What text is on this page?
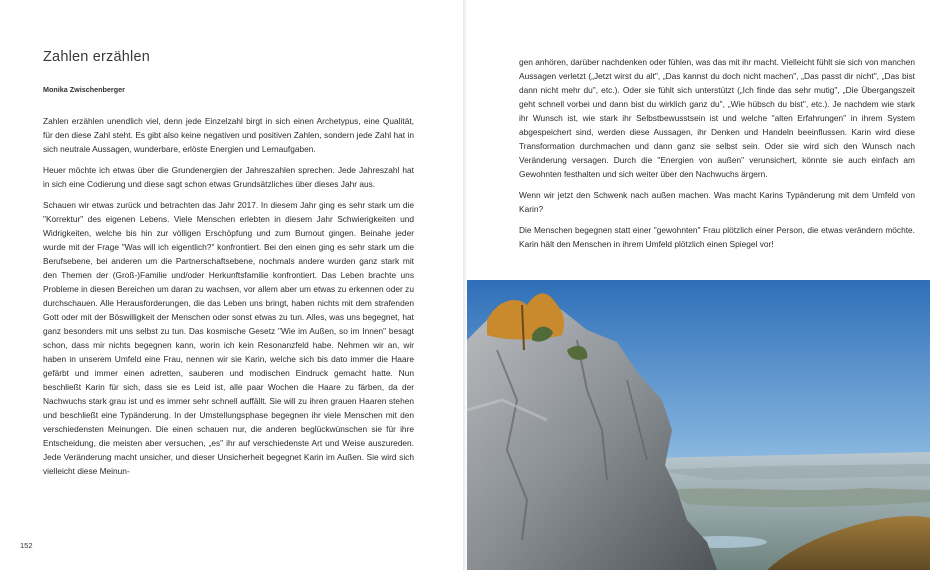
Zahlen erzählen
Monika Zwischenberger

Zahlen erzählen unendlich viel, denn jede Einzelzahl birgt in sich einen Archetypus, eine Qualität, für den diese Zahl steht. Es gibt also keine negativen und positiven Zahlen, sondern jede Zahl hat in sich neutrale Aussagen, wunderbare, erlöste Energien und Lernaufgaben.

Heuer möchte ich etwas über die Grundenergien der Jahreszahlen sprechen. Jede Jahreszahl hat in sich eine Codierung und diese sagt schon etwas Grundsätzliches über dieses Jahr aus.

Schauen wir etwas zurück und betrachten das Jahr 2017. In diesem Jahr ging es sehr stark um die "Korrektur" des eigenen Lebens. Viele Menschen erlebten in diesem Jahr Schwierigkeiten und Widrigkeiten, welche bis hin zur völligen Erschöpfung und zum Burnout gingen. Beinahe jeder wurde mit der Frage "Was will ich eigentlich?" konfrontiert. Bei den einen ging es sehr stark um die Berufsebene, bei anderen um die Partnerschaftsebene, nochmals andere wurden ganz stark mit den Themen der (Groß-)Familie und/oder Herkunftsfamilie konfrontiert. Das Leben brachte uns Probleme in diesen Bereichen um daran zu wachsen, vor allem aber um etwas zu erkennen oder zu durchschauen. Alle Herausforderungen, die das Leben uns bringt, haben nichts mit dem strafenden Gott oder mit der Böswilligkeit der Menschen oder sonst etwas zu tun. Alles, was uns begegnet, hat ganz besonders mit uns selbst zu tun. Das kosmische Gesetz "Wie im Außen, so im Innen" besagt schon, dass mir nichts begegnen kann, worin ich kein Resonanzfeld habe. Nehmen wir an, wir haben in unserem Umfeld eine Frau, nennen wir sie Karin, welche sich bis dato immer die Haare gefärbt und immer einen adretten, sauberen und modischen Eindruck gemacht hatte. Nun beschließt Karin für sich, dass sie es Leid ist, alle paar Wochen die Haare zu färben, da der Nachwuchs stark grau ist und es immer sehr schnell auffällt. Sie will zu ihren grauen Haaren stehen und beschließt eine Typänderung. In der Umstellungsphase begegnen ihr viele Menschen mit den verschiedensten Meinungen. Die einen schauen nur, die anderen beglückwünschen sie für ihre Entscheidung, die meisten aber versuchen, „es" ihr auf verschiedenste Art und Weise auszureden. Jede Veränderung macht unsicher, und dieser Unsicherheit begegnet Karin im Außen. Sie wird sich vielleicht diese Meinun-

152

gen anhören, darüber nachdenken oder fühlen, was das mit ihr macht. Vielleicht fühlt sie sich von manchen Aussagen verletzt („Jetzt wirst du alt", „Das kannst du doch nicht machen", „Das passt dir nicht", „Das bist dann nicht mehr du", etc.). Oder sie fühlt sich unterstützt („Ich finde das sehr mutig", „Die Übergangszeit geht schnell vorbei und dann bist du wirklich ganz du", „Wie hübsch du bist", etc.). Je nachdem wie stark ihr Wunsch ist, wie stark ihr Selbstbewusstsein ist und welche "alten Erfahrungen" in ihrem System abgespeichert sind, werden diese Aussagen, ihr Denken und Handeln beeinflussen. Karin wird diese Transformation durchmachen und dann ganz sie selbst sein. Oder sie wird sich den Wunsch nach Veränderung versagen. Durch die "Energien von außen" verunsichert, könnte sie auch einfach am Gewohnten festhalten und sich weiter über den Nachwuchs ärgern.

Wenn wir jetzt den Schwenk nach außen machen. Was macht Karins Typänderung mit dem Umfeld von Karin?

Die Menschen begegnen statt einer "gewohnten" Frau plötzlich einer Person, die etwas verändern möchte. Karin hält den Menschen in ihrem Umfeld plötzlich einen Spiegel vor!
